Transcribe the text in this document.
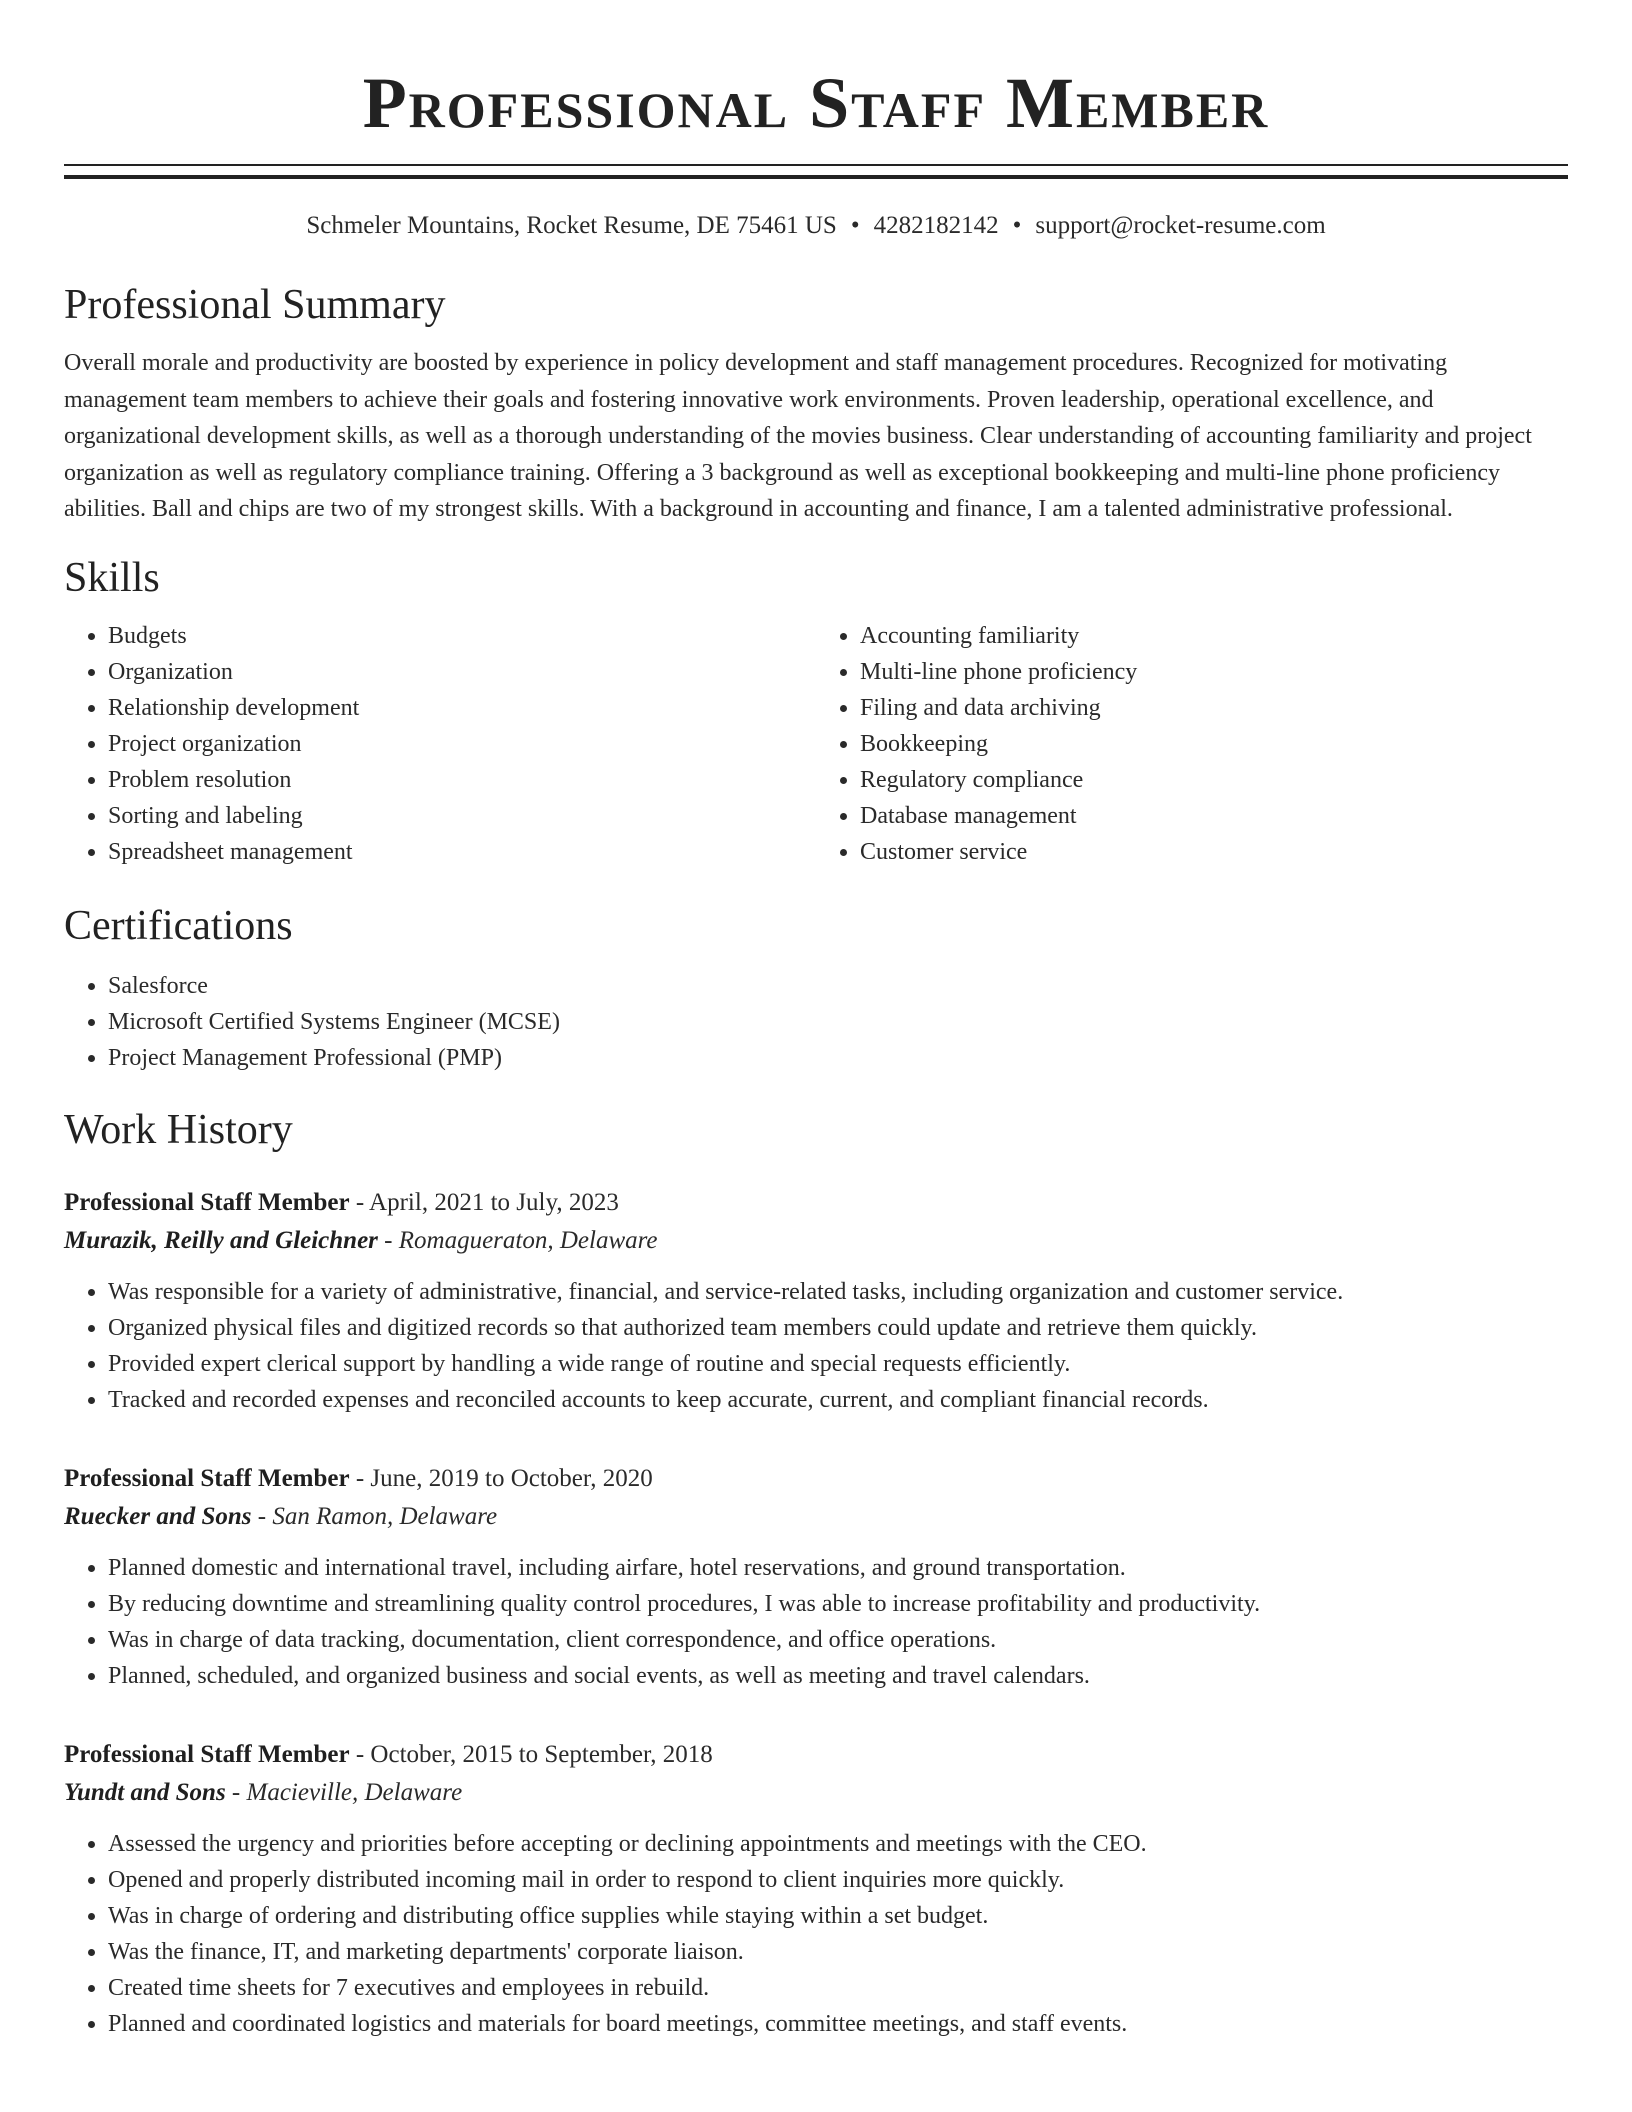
Professional Staff Member
Schmeler Mountains, Rocket Resume, DE 75461 US • 4282182142 • support@rocket-resume.com
Professional Summary

Overall morale and productivity are boosted by experience in policy development and staff management procedures. Recognized for motivating management team members to achieve their goals and fostering innovative work environments. Proven leadership, operational excellence, and organizational development skills, as well as a thorough understanding of the movies business. Clear understanding of accounting familiarity and project organization as well as regulatory compliance training. Offering a 3 background as well as exceptional bookkeeping and multi-line phone proficiency abilities. Ball and chips are two of my strongest skills. With a background in accounting and finance, I am a talented administrative professional.

Skills
• Budgets
• Organization
• Relationship development
• Project organization
• Problem resolution
• Sorting and labeling
• Spreadsheet management
• Accounting familiarity
• Multi-line phone proficiency
• Filing and data archiving
• Bookkeeping
• Regulatory compliance
• Database management
• Customer service
Certifications
• Salesforce
• Microsoft Certified Systems Engineer (MCSE)
• Project Management Professional (PMP)
Work History
Professional Staff Member - April, 2021 to July, 2023
Murazik, Reilly and Gleichner - Romagueraton, Delaware
• Was responsible for a variety of administrative, financial, and service-related tasks, including organization and customer service.
• Organized physical files and digitized records so that authorized team members could update and retrieve them quickly.
• Provided expert clerical support by handling a wide range of routine and special requests efficiently.
• Tracked and recorded expenses and reconciled accounts to keep accurate, current, and compliant financial records.
Professional Staff Member - June, 2019 to October, 2020
Ruecker and Sons - San Ramon, Delaware
• Planned domestic and international travel, including airfare, hotel reservations, and ground transportation.
• By reducing downtime and streamlining quality control procedures, I was able to increase profitability and productivity.
• Was in charge of data tracking, documentation, client correspondence, and office operations.
• Planned, scheduled, and organized business and social events, as well as meeting and travel calendars.
Professional Staff Member - October, 2015 to September, 2018
Yundt and Sons - Macieville, Delaware
• Assessed the urgency and priorities before accepting or declining appointments and meetings with the CEO.
• Opened and properly distributed incoming mail in order to respond to client inquiries more quickly.
• Was in charge of ordering and distributing office supplies while staying within a set budget.
• Was the finance, IT, and marketing departments' corporate liaison.
• Created time sheets for 7 executives and employees in rebuild.
• Planned and coordinated logistics and materials for board meetings, committee meetings, and staff events.
